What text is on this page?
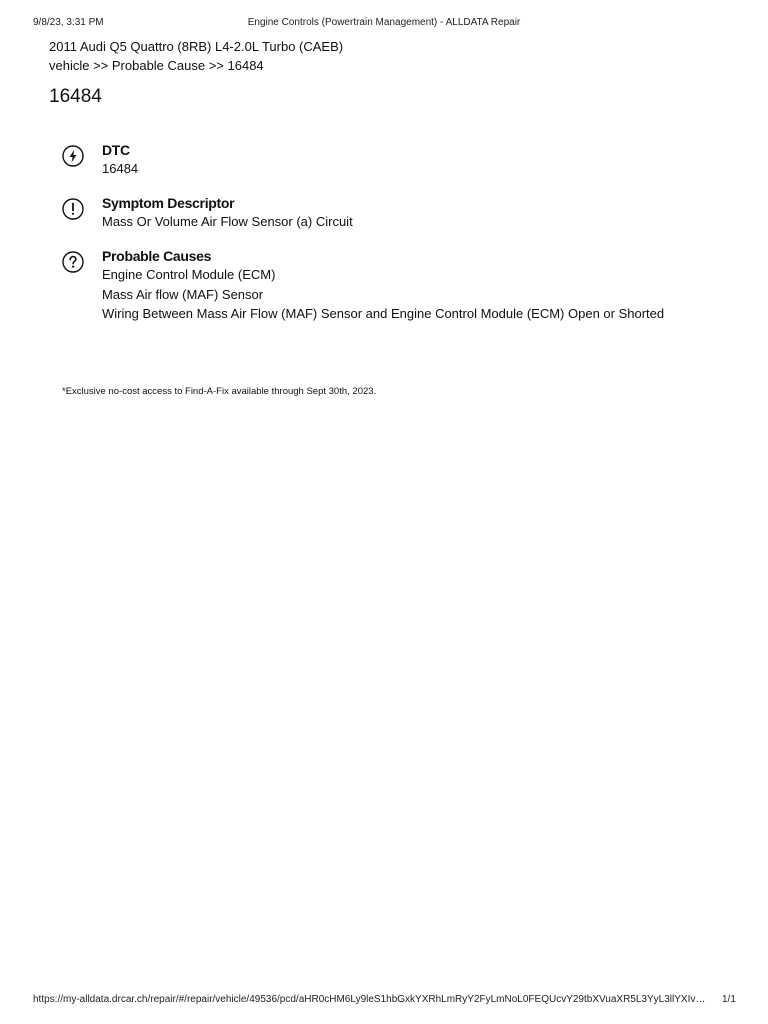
9/8/23, 3:31 PM	Engine Controls (Powertrain Management) - ALLDATA Repair
2011 Audi Q5 Quattro (8RB) L4-2.0L Turbo (CAEB)
vehicle >> Probable Cause >> 16484
16484
DTC
16484
Symptom Descriptor
Mass Or Volume Air Flow Sensor (a) Circuit
Probable Causes
Engine Control Module (ECM)
Mass Air flow (MAF) Sensor
Wiring Between Mass Air Flow (MAF) Sensor and Engine Control Module (ECM) Open or Shorted
*Exclusive no-cost access to Find-A-Fix available through Sept 30th, 2023.
https://my-alldata.drcar.ch/repair/#/repair/vehicle/49536/pcd/aHR0cHM6Ly9leS1hbGxkYXRhLmRyY2FyLmNoL0FEQUcvY29tbXVuaXR5L3YyL3llYXIv…	1/1
